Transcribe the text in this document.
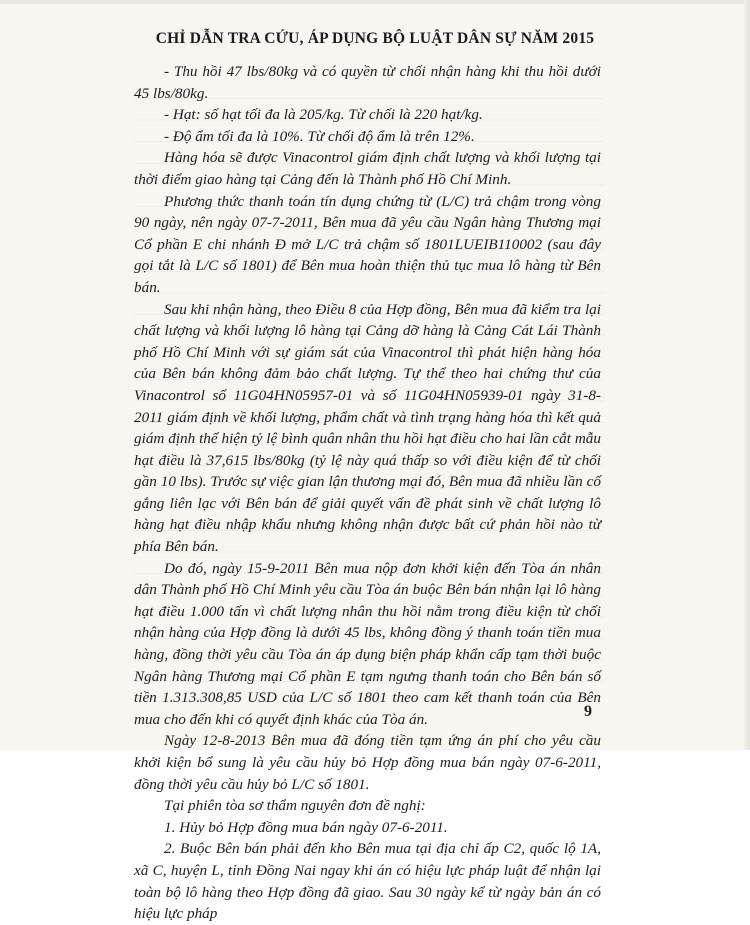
CHỈ DẪN TRA CỨU, ÁP DỤNG BỘ LUẬT DÂN SỰ NĂM 2015

- Thu hồi 47 lbs/80kg và có quyền từ chối nhận hàng khi thu hồi dưới 45 lbs/80kg.

- Hạt: số hạt tối đa là 205/kg. Từ chối là 220 hạt/kg.

- Độ ẩm tối đa là 10%. Từ chối độ ẩm là trên 12%.

Hàng hóa sẽ được Vinacontrol giám định chất lượng và khối lượng tại thời điểm giao hàng tại Cảng đến là Thành phố Hồ Chí Minh.

Phương thức thanh toán tín dụng chứng từ (L/C) trả chậm trong vòng 90 ngày, nên ngày 07-7-2011, Bên mua đã yêu cầu Ngân hàng Thương mại Cổ phần E chi nhánh Đ mở L/C trả chậm số 1801LUEIB110002 (sau đây gọi tắt là L/C số 1801) để Bên mua hoàn thiện thủ tục mua lô hàng từ Bên bán.

Sau khi nhận hàng, theo Điều 8 của Hợp đồng, Bên mua đã kiểm tra lại chất lượng và khối lượng lô hàng tại Cảng dỡ hàng là Cảng Cát Lái Thành phố Hồ Chí Minh với sự giám sát của Vinacontrol thì phát hiện hàng hóa của Bên bán không đảm bảo chất lượng. Tự thể theo hai chứng thư của Vinacontrol số 11G04HN05957-01 và số 11G04HN05939-01 ngày 31-8-2011 giám định về khối lượng, phẩm chất và tình trạng hàng hóa thì kết quả giám định thể hiện tỷ lệ bình quân nhân thu hồi hạt điều cho hai lần cắt mẫu hạt điều là 37,615 lbs/80kg (tỷ lệ này quá thấp so với điều kiện để từ chối gần 10 lbs). Trước sự việc gian lận thương mại đó, Bên mua đã nhiều lần cố gắng liên lạc với Bên bán để giải quyết vấn đề phát sinh về chất lượng lô hàng hạt điều nhập khẩu nhưng không nhận được bất cứ phản hồi nào từ phía Bên bán.

Do đó, ngày 15-9-2011 Bên mua nộp đơn khởi kiện đến Tòa án nhân dân Thành phố Hồ Chí Minh yêu cầu Tòa án buộc Bên bán nhận lại lô hàng hạt điều 1.000 tấn vì chất lượng nhân thu hồi nằm trong điều kiện từ chối nhận hàng của Hợp đồng là dưới 45 lbs, không đồng ý thanh toán tiền mua hàng, đồng thời yêu cầu Tòa án áp dụng biện pháp khẩn cấp tạm thời buộc Ngân hàng Thương mại Cổ phần E tạm ngưng thanh toán cho Bên bán số tiền 1.313.308,85 USD của L/C số 1801 theo cam kết thanh toán của Bên mua cho đến khi có quyết định khác của Tòa án.

Ngày 12-8-2013 Bên mua đã đóng tiền tạm ứng án phí cho yêu cầu khởi kiện bổ sung là yêu cầu hủy bỏ Hợp đồng mua bán ngày 07-6-2011, đồng thời yêu cầu hủy bỏ L/C số 1801.

Tại phiên tòa sơ thẩm nguyên đơn đề nghị:

1. Hủy bỏ Hợp đồng mua bán ngày 07-6-2011.

2. Buộc Bên bán phải đến kho Bên mua tại địa chỉ ấp C2, quốc lộ 1A, xã C, huyện L, tỉnh Đồng Nai ngay khi án có hiệu lực pháp luật để nhận lại toàn bộ lô hàng theo Hợp đồng đã giao. Sau 30 ngày kể từ ngày bản án có hiệu lực pháp

9
